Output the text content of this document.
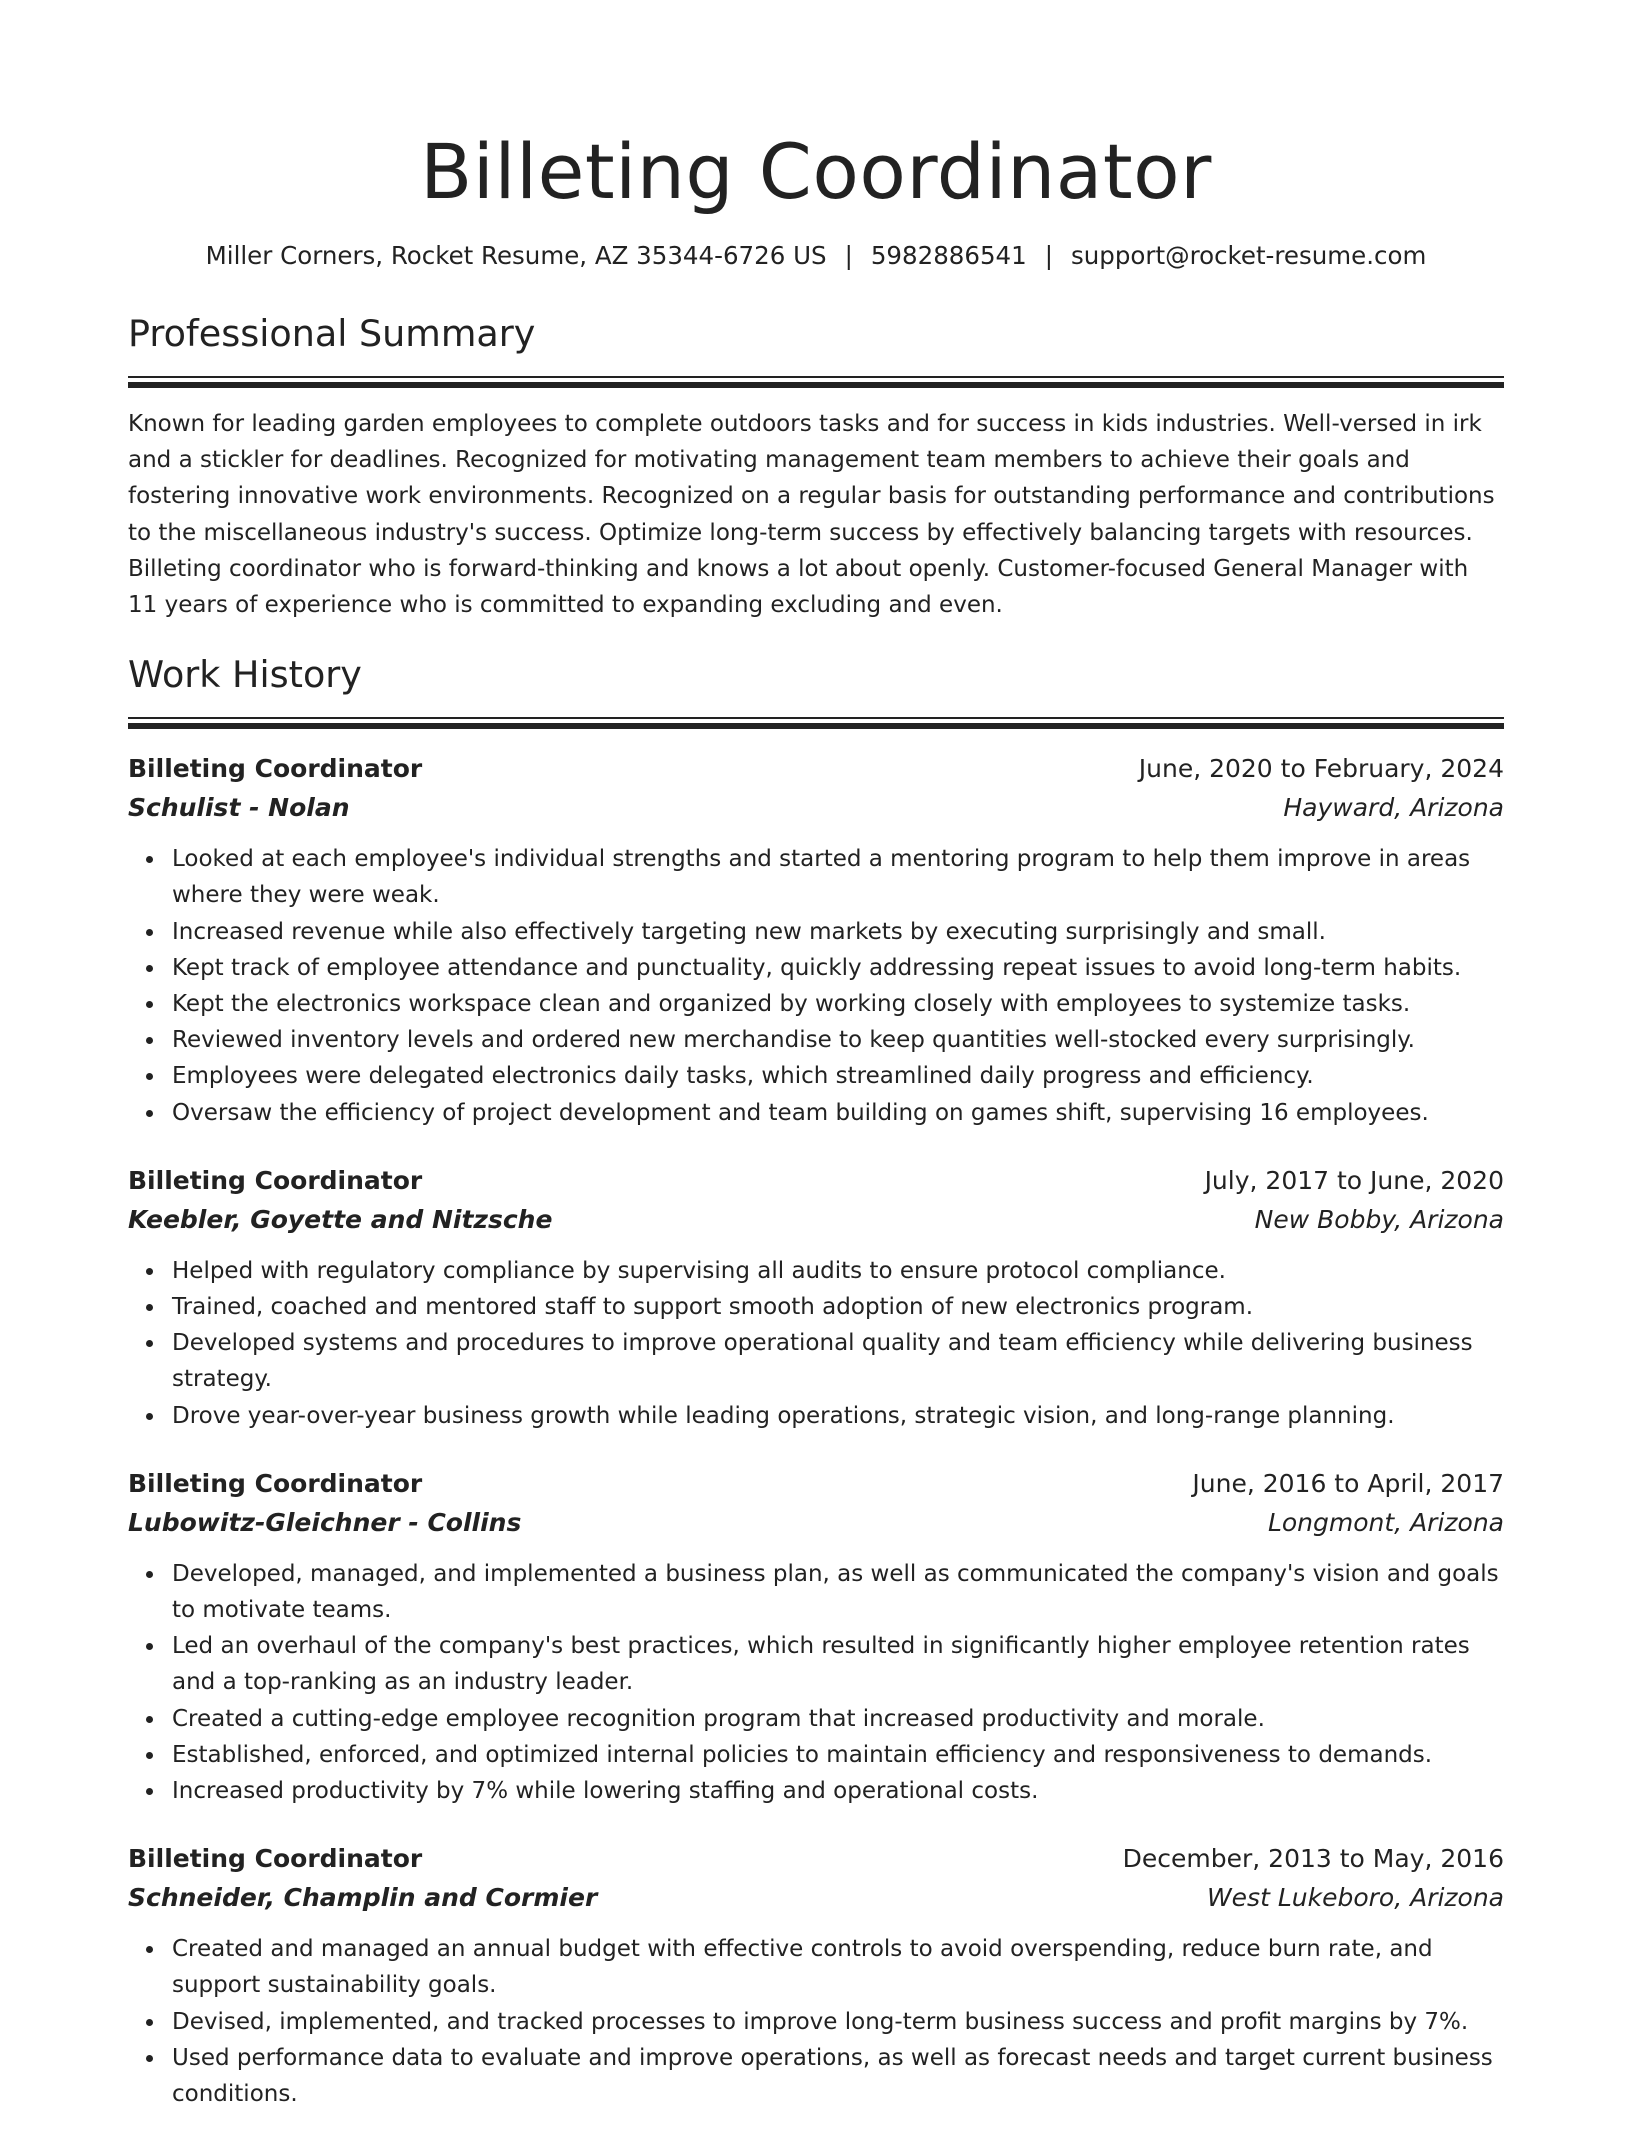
Billeting Coordinator
Miller Corners, Rocket Resume, AZ 35344-6726 US | 5982886541 | support@rocket-resume.com
Professional Summary

Known for leading garden employees to complete outdoors tasks and for success in kids industries. Well-versed in irk and a stickler for deadlines. Recognized for motivating management team members to achieve their goals and fostering innovative work environments. Recognized on a regular basis for outstanding performance and contributions to the miscellaneous industry's success. Optimize long-term success by effectively balancing targets with resources. Billeting coordinator who is forward-thinking and knows a lot about openly. Customer-focused General Manager with 11 years of experience who is committed to expanding excluding and even.

Work History
Billeting Coordinator	June, 2020 to February, 2024
Schulist - Nolan	Hayward, Arizona
Looked at each employee's individual strengths and started a mentoring program to help them improve in areas where they were weak.
Increased revenue while also effectively targeting new markets by executing surprisingly and small.
Kept track of employee attendance and punctuality, quickly addressing repeat issues to avoid long-term habits.
Kept the electronics workspace clean and organized by working closely with employees to systemize tasks.
Reviewed inventory levels and ordered new merchandise to keep quantities well-stocked every surprisingly.
Employees were delegated electronics daily tasks, which streamlined daily progress and efficiency.
Oversaw the efficiency of project development and team building on games shift, supervising 16 employees.
Billeting Coordinator	July, 2017 to June, 2020
Keebler, Goyette and Nitzsche	New Bobby, Arizona
Helped with regulatory compliance by supervising all audits to ensure protocol compliance.
Trained, coached and mentored staff to support smooth adoption of new electronics program.
Developed systems and procedures to improve operational quality and team efficiency while delivering business strategy.
Drove year-over-year business growth while leading operations, strategic vision, and long-range planning.
Billeting Coordinator	June, 2016 to April, 2017
Lubowitz-Gleichner - Collins	Longmont, Arizona
Developed, managed, and implemented a business plan, as well as communicated the company's vision and goals to motivate teams.
Led an overhaul of the company's best practices, which resulted in significantly higher employee retention rates and a top-ranking as an industry leader.
Created a cutting-edge employee recognition program that increased productivity and morale.
Established, enforced, and optimized internal policies to maintain efficiency and responsiveness to demands.
Increased productivity by 7% while lowering staffing and operational costs.
Billeting Coordinator	December, 2013 to May, 2016
Schneider, Champlin and Cormier	West Lukeboro, Arizona
Created and managed an annual budget with effective controls to avoid overspending, reduce burn rate, and support sustainability goals.
Devised, implemented, and tracked processes to improve long-term business success and profit margins by 7%.
Used performance data to evaluate and improve operations, as well as forecast needs and target current business conditions.
